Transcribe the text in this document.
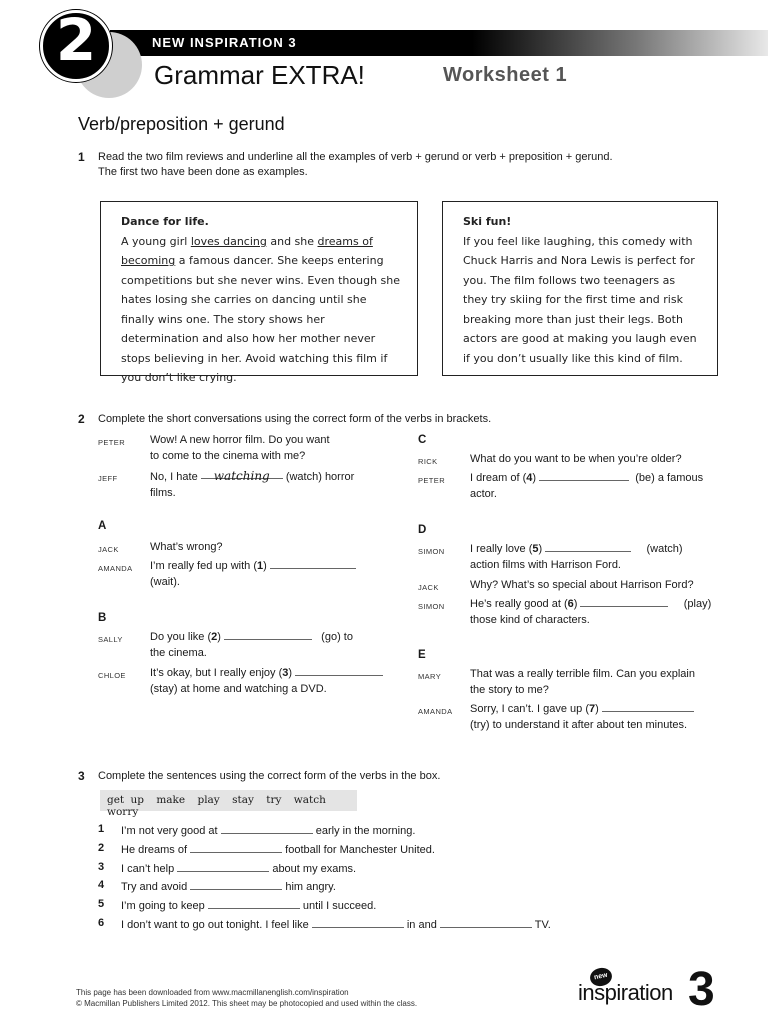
NEW INSPIRATION 3
2
Grammar EXTRA!	Worksheet 1
Verb/preposition + gerund
1 Read the two film reviews and underline all the examples of verb + gerund or verb + preposition + gerund.
The first two have been done as examples.
Dance for life.
A young girl loves dancing and she dreams of becoming a famous dancer. She keeps entering competitions but she never wins. Even though she hates losing she carries on dancing until she finally wins one. The story shows her determination and also how her mother never stops believing in her. Avoid watching this film if you don’t like crying.
Ski fun!
If you feel like laughing, this comedy with Chuck Harris and Nora Lewis is perfect for you. The film follows two teenagers as they try skiing for the first time and risk breaking more than just their legs. Both actors are good at making you laugh even if you don’t usually like this kind of film.
2 Complete the short conversations using the correct form of the verbs in brackets.
PETER Wow! A new horror film. Do you want
to come to the cinema with me?
JEFF	No, I hate watching (watch) horror
films.
A
JACK	What’s wrong?
AMANDA I’m really fed up with (1)
(wait).
B
SALLY Do you like (2)	(go) to
the cinema.
CHLOE It’s okay, but I really enjoy (3)
(stay) at home and watching a DVD.
C
RICK	What do you want to be when you’re older?
PETER I dream of (4)	(be) a famous
actor.
D
SIMON I really love (5)	(watch)
action films with Harrison Ford.
JACK	Why? What’s so special about Harrison Ford?
SIMON He’s really good at (6)	(play)
those kind of characters.
E
MARY	That was a really terrible film. Can you explain
the story to me?
AMANDA Sorry, I can’t. I gave up (7)
(try) to understand it after about ten minutes.
3 Complete the sentences using the correct form of the verbs in the box.
get up make play stay try watch worry
1 I’m not very good at	early in the morning.
2 He dreams of	football for Manchester United.
3 I can’t help	about my exams.
4 Try and avoid	him angry.
5 I’m going to keep	until I succeed.
6 I don’t want to go out tonight. I feel like	in and	TV.
This page has been downloaded from www.macmillanenglish.com/inspiration
© Macmillan Publishers Limited 2012. This sheet may be photocopied and used within the class.
new
inspiration 3
